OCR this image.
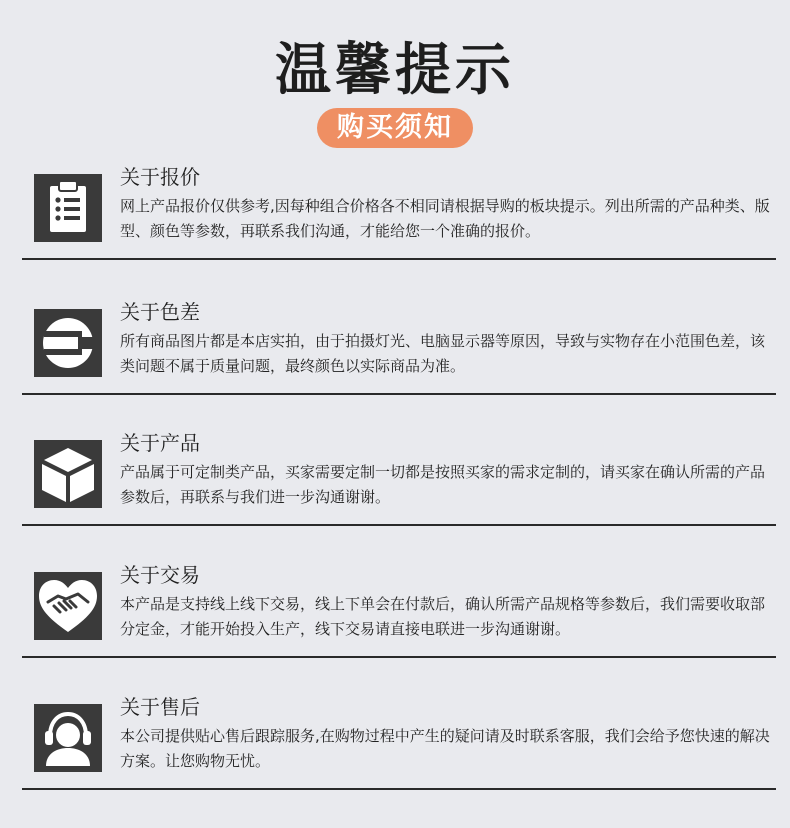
温馨提示
购买须知
关于报价
网上产品报价仅供参考,因每种组合价格各不相同请根据导购的板块提示。列出所需的产品种类、版型、颜色等参数，再联系我们沟通，才能给您一个准确的报价。
关于色差
所有商品图片都是本店实拍，由于拍摄灯光、电脑显示器等原因，导致与实物存在小范围色差，该类问题不属于质量问题，最终颜色以实际商品为准。
关于产品
产品属于可定制类产品，买家需要定制一切都是按照买家的需求定制的，请买家在确认所需的产品参数后，再联系与我们进一步沟通谢谢。
关于交易
本产品是支持线上线下交易，线上下单会在付款后，确认所需产品规格等参数后，我们需要收取部分定金，才能开始投入生产，线下交易请直接电联进一步沟通谢谢。
关于售后
本公司提供贴心售后跟踪服务,在购物过程中产生的疑问请及时联系客服，我们会给予您快速的解决方案。让您购物无忧。
